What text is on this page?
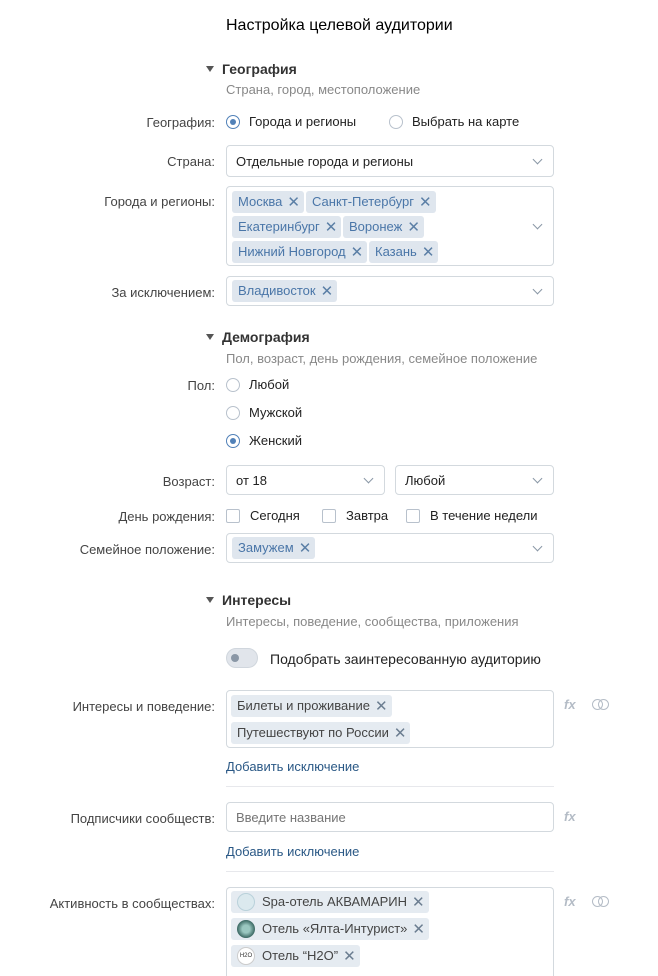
Настройка целевой аудитории
География
Страна, город, местоположение
География:	Города и регионы	Выбрать на карте
Страна: Отдельные города и регионы
Города и регионы: Москва ✕ Санкт-Петербург ✕
Екатеринбург ✕ Воронеж ✕
Нижний Новгород ✕ Казань ✕
За исключением: Владивосток ✕
Демография
Пол, возраст, день рождения, семейное положение
Пол:	Любой
Мужской
Женский
Возраст: от 18	Любой
День рождения:	Сегодня	Завтра	В течение недели
Семейное положение: Замужем ✕
Интересы
Интересы, поведение, сообщества, приложения
Подобрать заинтересованную аудиторию
Интересы и поведение: Билеты и проживание ✕
Путешествуют по России ✕
fx
Добавить исключение
Подписчики сообществ:
Введите название	fx
Добавить исключение
Активность в сообществах:	Spa-отель АКВАМАРИН ✕
Отель «Ялта-Интурист» ✕
H2O Отель “H2O” ✕
fx
